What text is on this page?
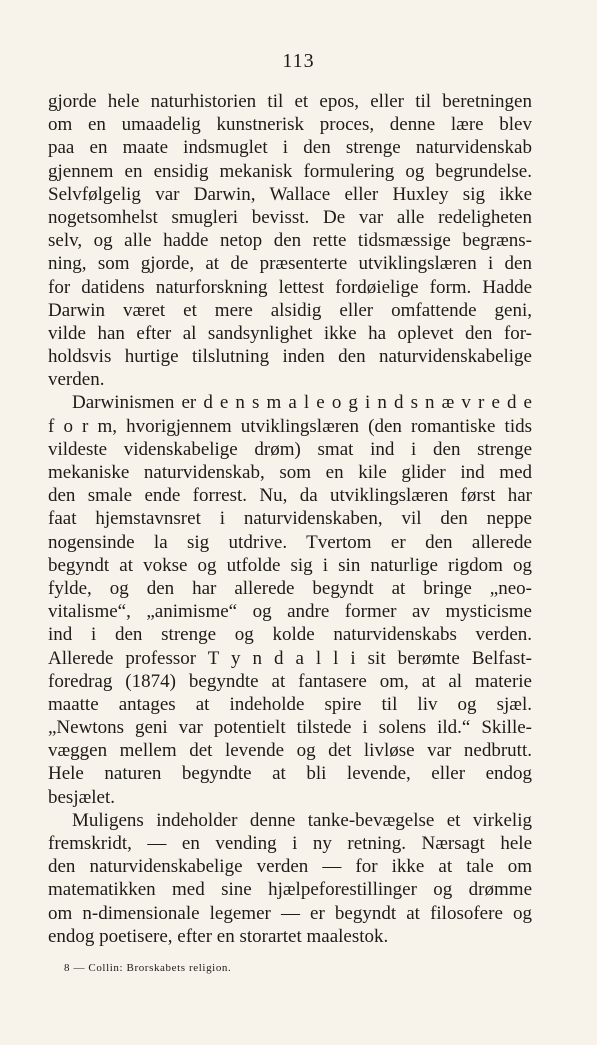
113
gjorde hele naturhistorien til et epos, eller til beretningen
om en umaadelig kunstnerisk proces, denne lære blev
paa en maate indsmuglet i den strenge naturvidenskab
gjennem en ensidig mekanisk formulering og begrundelse.
Selvfølgelig var Darwin, Wallace eller Huxley sig ikke
nogetsomhelst smugleri bevisst. De var alle redeligheten
selv, og alle hadde netop den rette tidsmæssige begræns-
ning, som gjorde, at de præsenterte utviklingslæren i den
for datidens naturforskning lettest fordøielige form. Hadde
Darwin været et mere alsidig eller omfattende geni,
vilde han efter al sandsynlighet ikke ha oplevet den for-
holdsvis hurtige tilslutning inden den naturvidenskabelige
verden.
Darwinismen er d e n s m a l e o g i n d s n æ v r e d e
f o r m, hvorigjennem utviklingslæren (den romantiske tids
vildeste videnskabelige drøm) smat ind i den strenge
mekaniske naturvidenskab, som en kile glider ind med
den smale ende forrest. Nu, da utviklingslæren først har
faat hjemstavnsret i naturvidenskaben, vil den neppe
nogensinde la sig utdrive. Tvertom er den allerede
begyndt at vokse og utfolde sig i sin naturlige rigdom og
fylde, og den har allerede begyndt at bringe „neo-
vitalisme“, „animisme“ og andre former av mysticisme
ind i den strenge og kolde naturvidenskabs verden.
Allerede professor T y n d a l l i sit berømte Belfast-
foredrag (1874) begyndte at fantasere om, at al materie
maatte antages at indeholde spire til liv og sjæl.
„Newtons geni var potentielt tilstede i solens ild.“ Skille-
væggen mellem det levende og det livløse var nedbrutt.
Hele naturen begyndte at bli levende, eller endog
besjælet.
Muligens indeholder denne tanke-bevægelse et virkelig
fremskridt, — en vending i ny retning. Nærsagt hele
den naturvidenskabelige verden — for ikke at tale om
matematikken med sine hjælpeforestillinger og drømme
om n-dimensionale legemer — er begyndt at filosofere og
endog poetisere, efter en storartet maalestok.
8 — Collin: Brorskabets religion.
